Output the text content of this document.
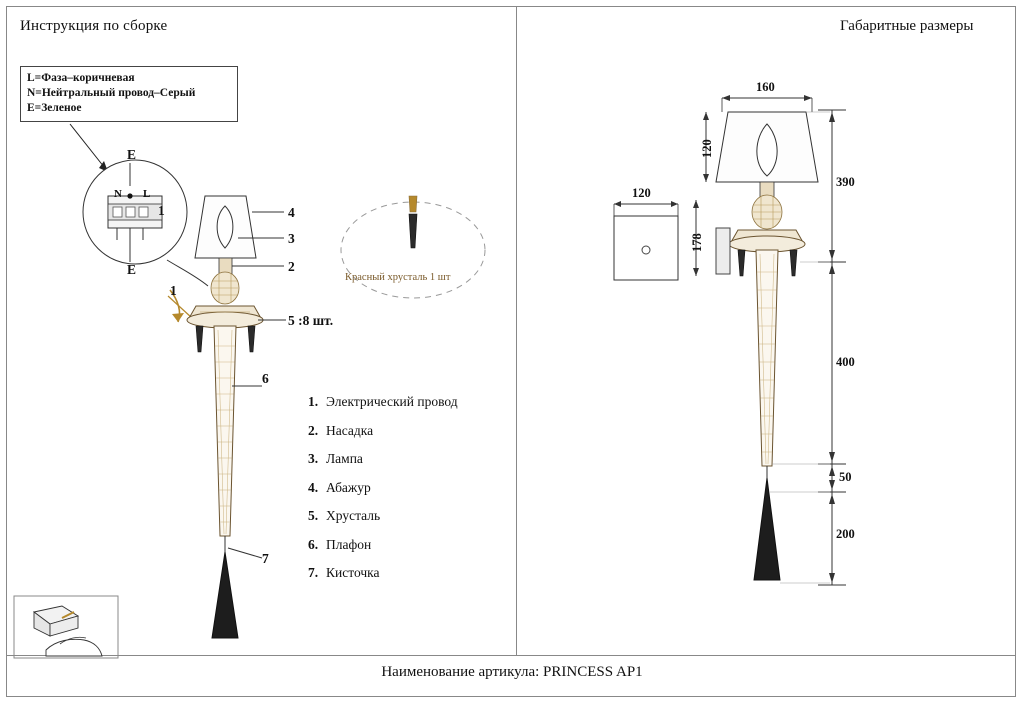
Инструкция по сборке	Габаритные размеры
L=Фаза–коричневая
N=Нейтральный провод–Серый
E=Зеленое
E
E
N L
4
3
2
5 :8 шт.
6
7
1
1
Красный хрусталь 1 шт
1. Электрический провод
2. Насадка
3. Лампа
4. Абажур
5. Хрусталь
6. Плафон
7. Кисточка
160
120
120
178
390
400
50
200
Наименование артикула: PRINCESS AP1
